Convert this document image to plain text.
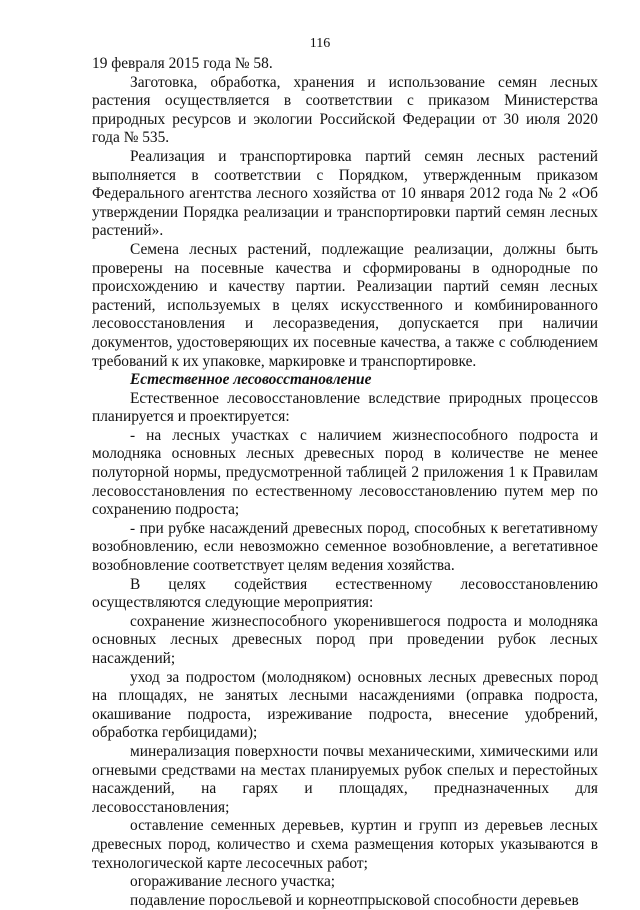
116

19 февраля 2015 года № 58.

Заготовка, обработка, хранения и использование семян лесных растения осуществляется в соответствии с приказом Министерства природных ресурсов и экологии Российской Федерации от 30 июля 2020 года № 535.

Реализация и транспортировка партий семян лесных растений выполняется в соответствии с Порядком, утвержденным приказом Федерального агентства лесного хозяйства от 10 января 2012 года № 2 «Об утверждении Порядка реализации и транспортировки партий семян лесных растений».

Семена лесных растений, подлежащие реализации, должны быть проверены на посевные качества и сформированы в однородные по происхождению и качеству партии. Реализации партий семян лесных растений, используемых в целях искусственного и комбинированного лесовосстановления и лесоразведения, допускается при наличии документов, удостоверяющих их посевные качества, а также с соблюдением требований к их упаковке, маркировке и транспортировке.

Естественное лесовосстановление

Естественное лесовосстановление вследствие природных процессов планируется и проектируется:

- на лесных участках с наличием жизнеспособного подроста и молодняка основных лесных древесных пород в количестве не менее полуторной нормы, предусмотренной таблицей 2 приложения 1 к Правилам лесовосстановления по естественному лесовосстановлению путем мер по сохранению подроста;

- при рубке насаждений древесных пород, способных к вегетативному возобновлению, если невозможно семенное возобновление, а вегетативное возобновление соответствует целям ведения хозяйства.

В целях содействия естественному лесовосстановлению осуществляются следующие мероприятия:

сохранение жизнеспособного укоренившегося подроста и молодняка основных лесных древесных пород при проведении рубок лесных насаждений;

уход за подростом (молодняком) основных лесных древесных пород на площадях, не занятых лесными насаждениями (оправка подроста, окашивание подроста, изреживание подроста, внесение удобрений, обработка гербицидами);

минерализация поверхности почвы механическими, химическими или огневыми средствами на местах планируемых рубок спелых и перестойных насаждений, на гарях и площадях, предназначенных для лесовосстановления;

оставление семенных деревьев, куртин и групп из деревьев лесных древесных пород, количество и схема размещения которых указываются в технологической карте лесосечных работ;

огораживание лесного участка;

подавление поросльевой и корнеотпрысковой способности деревьев
